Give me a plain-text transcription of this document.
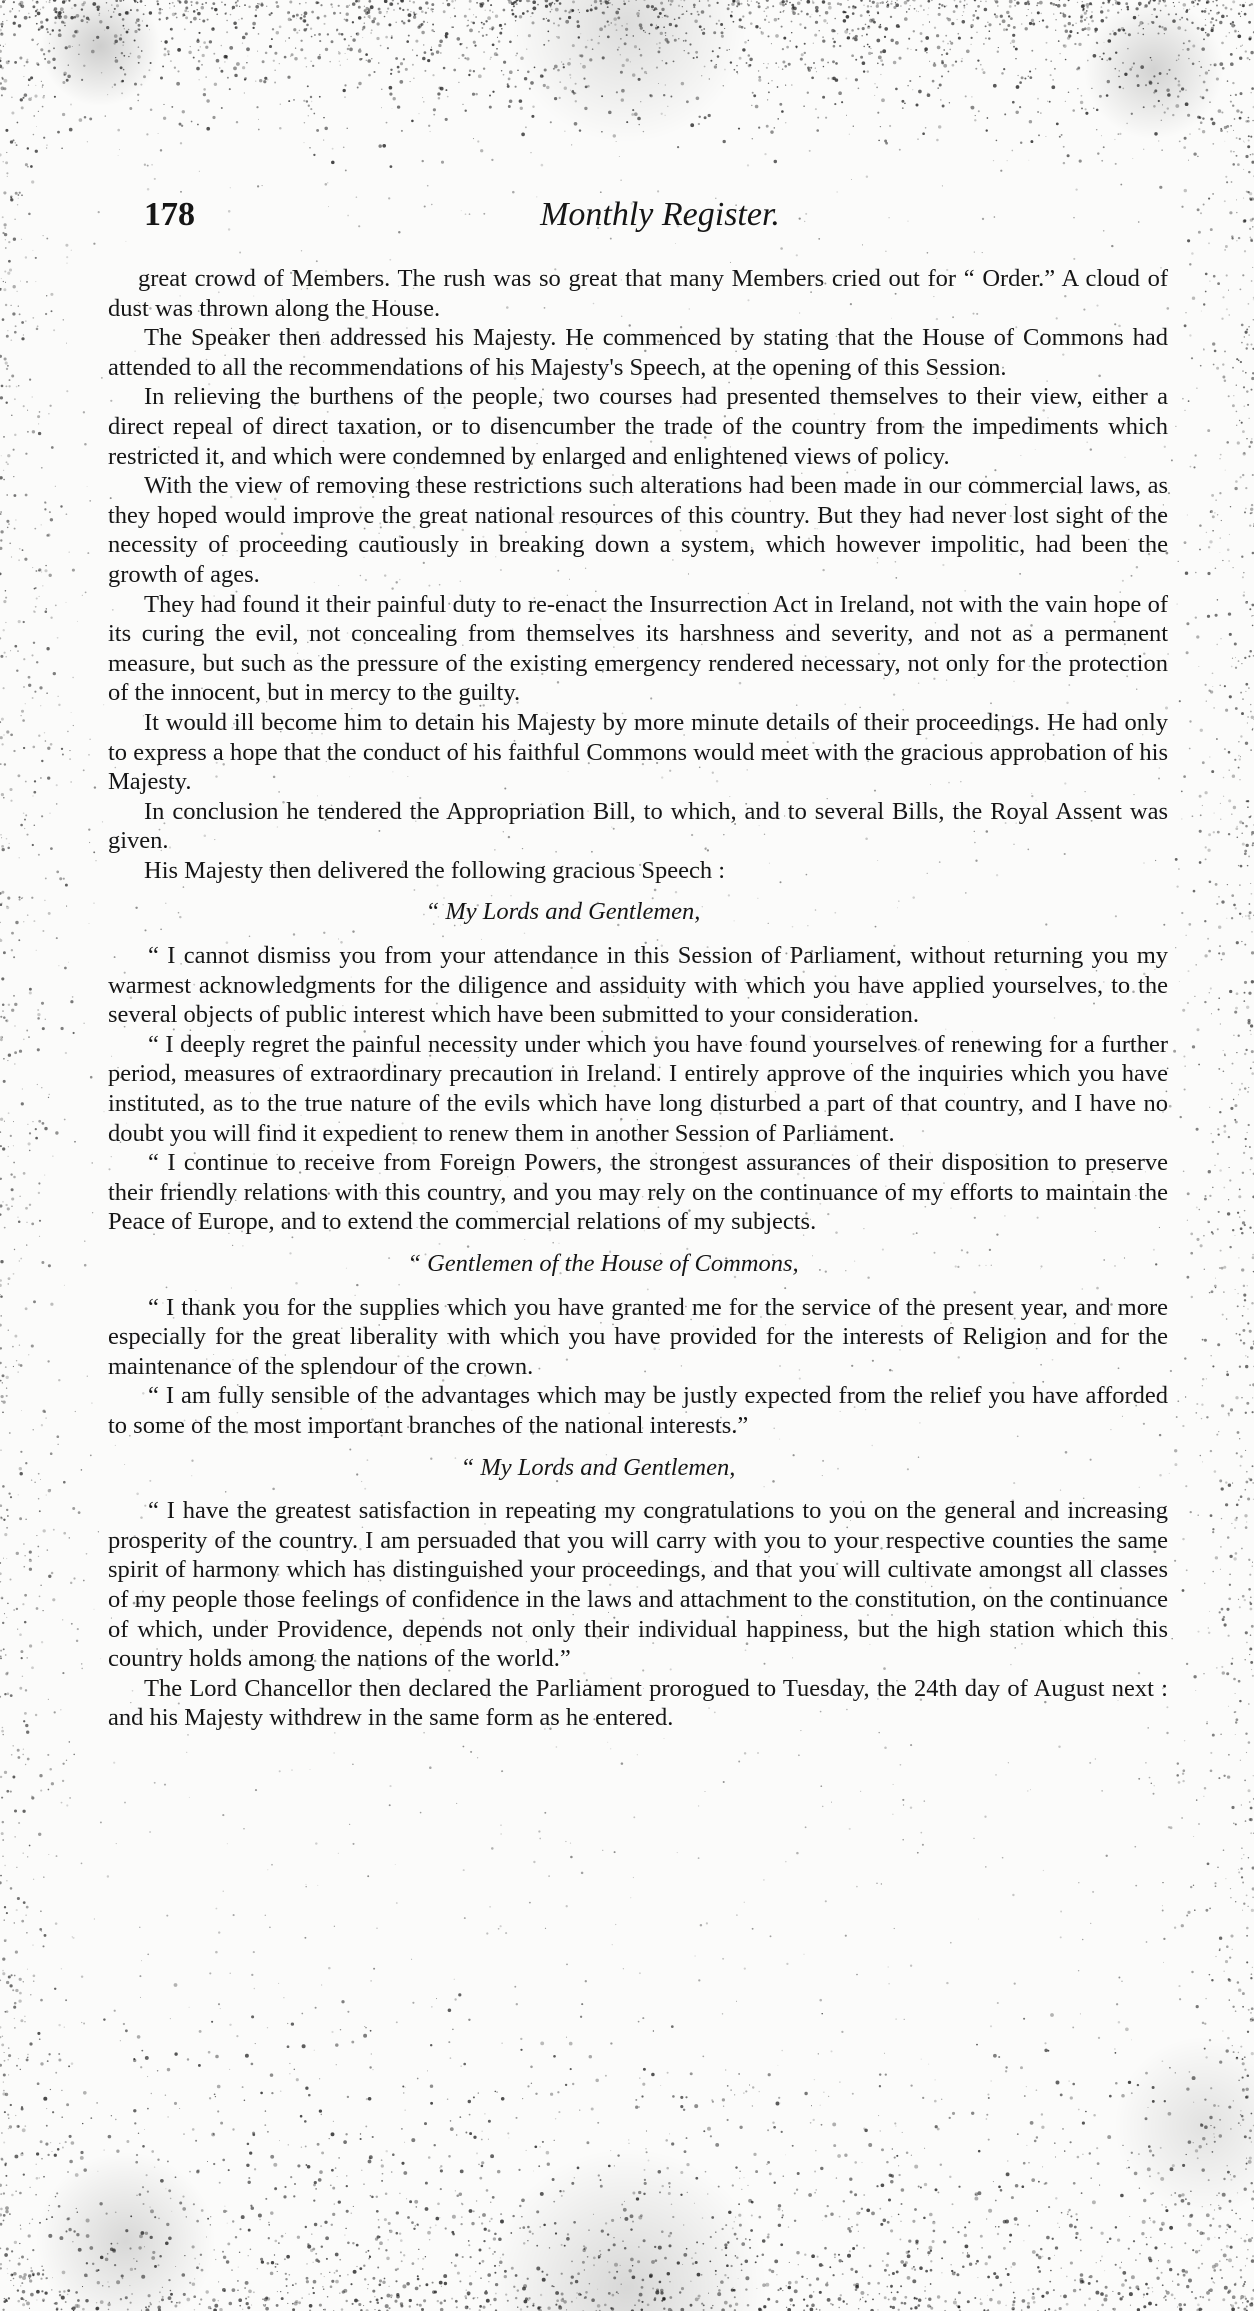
178	Monthly Register.

great crowd of Members. The rush was so great that many Members cried out for “ Order.” A cloud of dust was thrown along the House.

The Speaker then addressed his Majesty. He commenced by stating that the House of Commons had attended to all the recommendations of his Majesty's Speech, at the opening of this Session.

In relieving the burthens of the people, two courses had presented themselves to their view, either a direct repeal of direct taxation, or to disencumber the trade of the country from the impediments which restricted it, and which were condemned by enlarged and enlightened views of policy.

With the view of removing these restrictions such alterations had been made in our commercial laws, as they hoped would improve the great national resources of this country. But they had never lost sight of the necessity of proceeding cautiously in breaking down a system, which however impolitic, had been the growth of ages.

They had found it their painful duty to re-enact the Insurrection Act in Ireland, not with the vain hope of its curing the evil, not concealing from themselves its harshness and severity, and not as a permanent measure, but such as the pressure of the existing emergency rendered necessary, not only for the protection of the innocent, but in mercy to the guilty.

It would ill become him to detain his Majesty by more minute details of their proceedings. He had only to express a hope that the conduct of his faithful Commons would meet with the gracious approbation of his Majesty.

In conclusion he tendered the Appropriation Bill, to which, and to several Bills, the Royal Assent was given.

His Majesty then delivered the following gracious Speech :

“ My Lords and Gentlemen,

“ I cannot dismiss you from your attendance in this Session of Parliament, without returning you my warmest acknowledgments for the diligence and assiduity with which you have applied yourselves, to the several objects of public interest which have been submitted to your consideration.

“ I deeply regret the painful necessity under which you have found yourselves of renewing for a further period, measures of extraordinary precaution in Ireland. I entirely approve of the inquiries which you have instituted, as to the true nature of the evils which have long disturbed a part of that country, and I have no doubt you will find it expedient to renew them in another Session of Parliament.

“ I continue to receive from Foreign Powers, the strongest assurances of their disposition to preserve their friendly relations with this country, and you may rely on the continuance of my efforts to maintain the Peace of Europe, and to extend the commercial relations of my subjects.

“ Gentlemen of the House of Commons,

“ I thank you for the supplies which you have granted me for the service of the present year, and more especially for the great liberality with which you have provided for the interests of Religion and for the maintenance of the splendour of the crown.

“ I am fully sensible of the advantages which may be justly expected from the relief you have afforded to some of the most important branches of the national interests.”

“ My Lords and Gentlemen,

“ I have the greatest satisfaction in repeating my congratulations to you on the general and increasing prosperity of the country. I am persuaded that you will carry with you to your respective counties the same spirit of harmony which has distinguished your proceedings, and that you will cultivate amongst all classes of my people those feelings of confidence in the laws and attachment to the constitution, on the continuance of which, under Providence, depends not only their individual happiness, but the high station which this country holds among the nations of the world.”

The Lord Chancellor then declared the Parliament prorogued to Tuesday, the 24th day of August next : and his Majesty withdrew in the same form as he entered.
